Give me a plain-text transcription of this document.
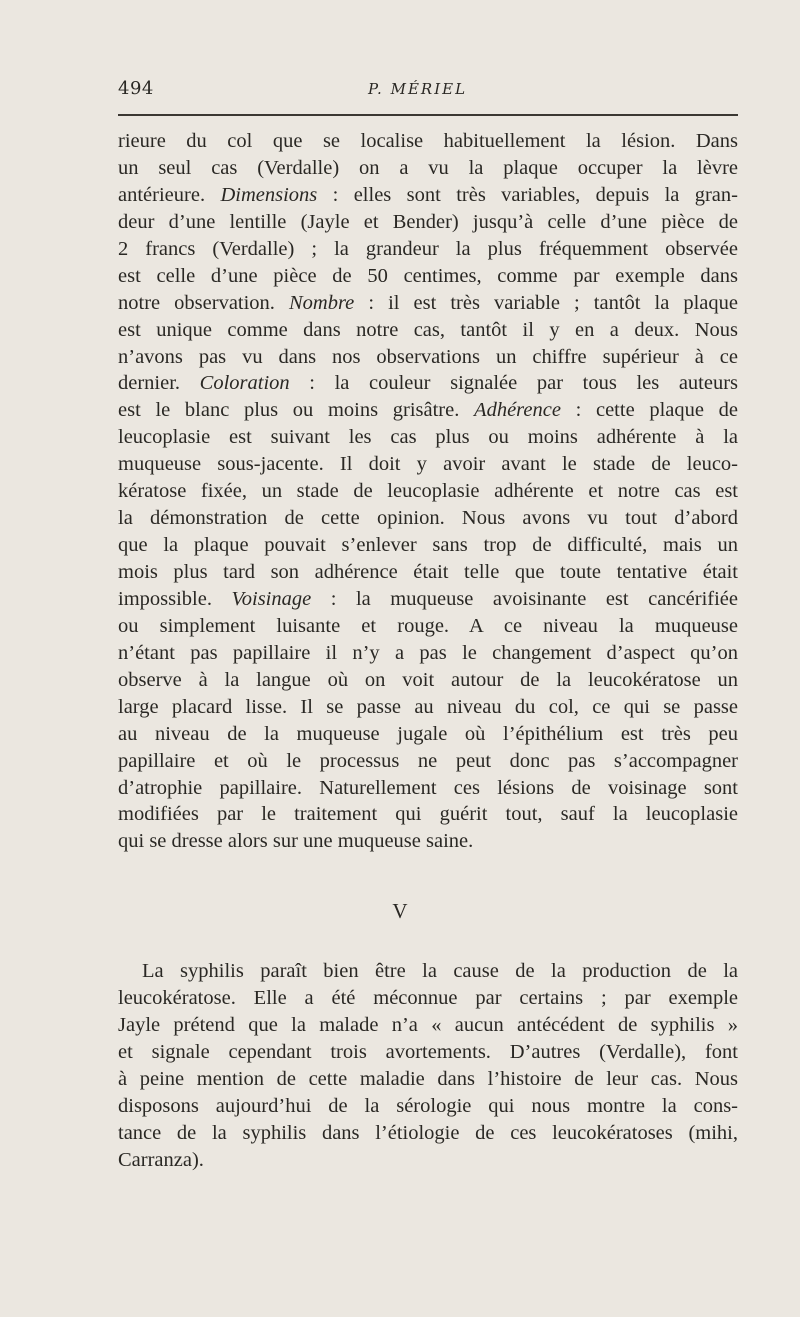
494	P. MÉRIEL
rieure du col que se localise habituellement la lésion. Dans
un seul cas (Verdalle) on a vu la plaque occuper la lèvre
antérieure. Dimensions : elles sont très variables, depuis la gran-
deur d’une lentille (Jayle et Bender) jusqu’à celle d’une pièce de
2 francs (Verdalle) ; la grandeur la plus fréquemment observée
est celle d’une pièce de 50 centimes, comme par exemple dans
notre observation. Nombre : il est très variable ; tantôt la plaque
est unique comme dans notre cas, tantôt il y en a deux. Nous
n’avons pas vu dans nos observations un chiffre supérieur à ce
dernier. Coloration : la couleur signalée par tous les auteurs
est le blanc plus ou moins grisâtre. Adhérence : cette plaque de
leucoplasie est suivant les cas plus ou moins adhérente à la
muqueuse sous-jacente. Il doit y avoir avant le stade de leuco-
kératose fixée, un stade de leucoplasie adhérente et notre cas est
la démonstration de cette opinion. Nous avons vu tout d’abord
que la plaque pouvait s’enlever sans trop de difficulté, mais un
mois plus tard son adhérence était telle que toute tentative était
impossible. Voisinage : la muqueuse avoisinante est cancérifiée
ou simplement luisante et rouge. A ce niveau la muqueuse
n’étant pas papillaire il n’y a pas le changement d’aspect qu’on
observe à la langue où on voit autour de la leucokératose un
large placard lisse. Il se passe au niveau du col, ce qui se passe
au niveau de la muqueuse jugale où l’épithélium est très peu
papillaire et où le processus ne peut donc pas s’accompagner
d’atrophie papillaire. Naturellement ces lésions de voisinage sont
modifiées par le traitement qui guérit tout, sauf la leucoplasie
qui se dresse alors sur une muqueuse saine.
V
La syphilis paraît bien être la cause de la production de la
leucokératose. Elle a été méconnue par certains ; par exemple
Jayle prétend que la malade n’a « aucun antécédent de syphilis »
et signale cependant trois avortements. D’autres (Verdalle), font
à peine mention de cette maladie dans l’histoire de leur cas. Nous
disposons aujourd’hui de la sérologie qui nous montre la cons-
tance de la syphilis dans l’étiologie de ces leucokératoses (mihi,
Carranza).
